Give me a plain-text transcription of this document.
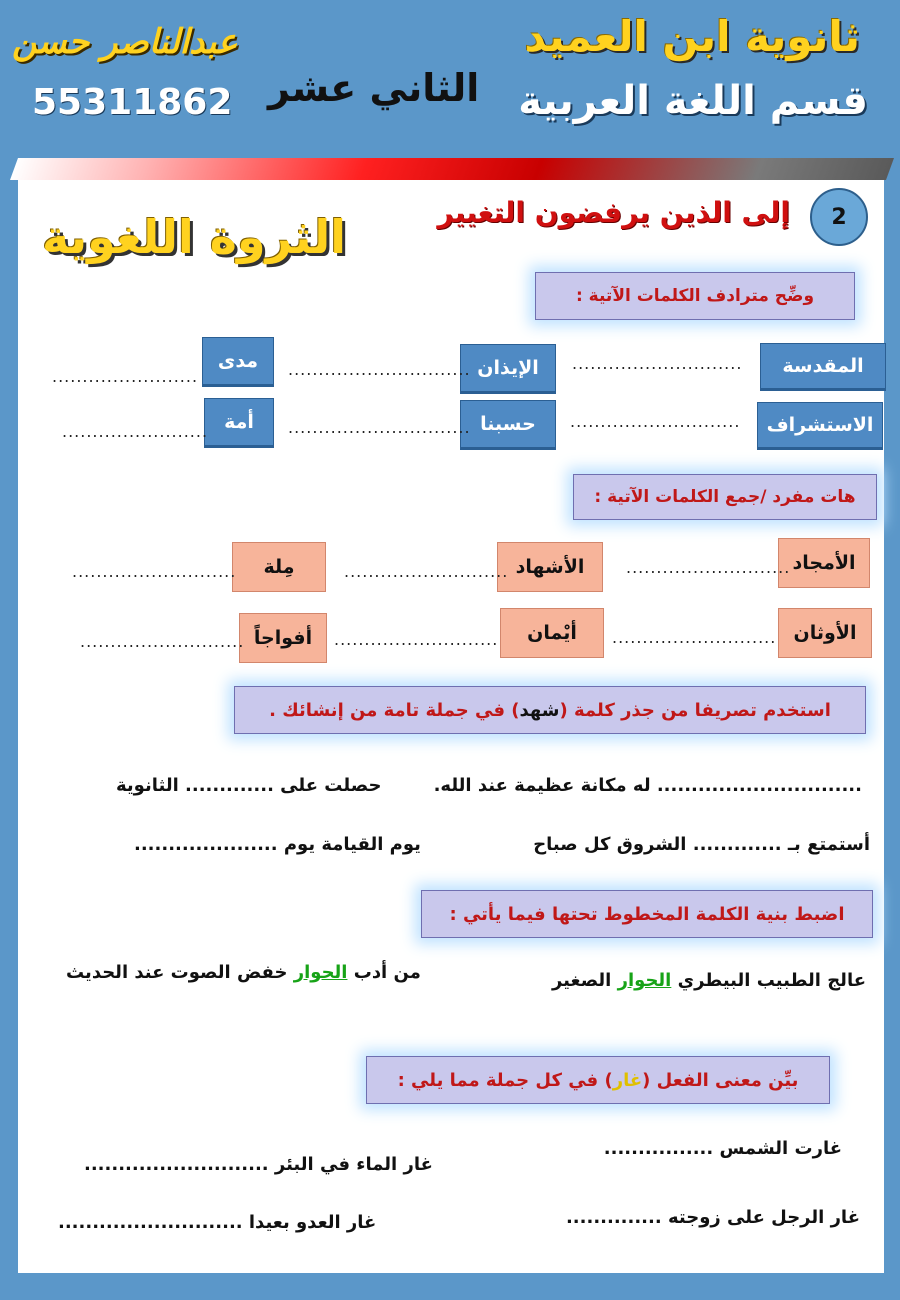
ثانوية ابن العميد
قسم اللغة العربية
الثاني عشر
عبدالناصر حسن
55311862
2
إلى الذين يرفضون التغيير
الثروة اللغوية
وضِّح مترادف الكلمات الآتية :
المقدسة
............................
الإيذان
..............................
مدى
........................
الاستشراف
............................
حسبنا
..............................
أمة
........................
هات مفرد /جمع الكلمات الآتية :
الأمجاد
...........................
الأشهاد
...........................
مِلة
...........................
الأوثان
...........................
أيْمان
...........................
أفواجاً
...........................
استخدم تصريفا من جذر كلمة (
شهد
) في جملة تامة من إنشائك .
.............................. له مكانة عظيمة عند الله.
حصلت على ............. الثانوية
أستمتع بـ ............. الشروق كل صباح
يوم القيامة يوم .....................
اضبط بنية الكلمة المخطوط تحتها فيما يأتي :
عالج الطبيب البيطري الحوار الصغير
من أدب الحوار خفض الصوت عند الحديث
بيِّن معنى الفعل (
غار
) في كل جملة مما يلي :
غارت الشمس ................
غار الماء في البئر ...........................
غار الرجل على زوجته ..............
غار العدو بعيدا ...........................
